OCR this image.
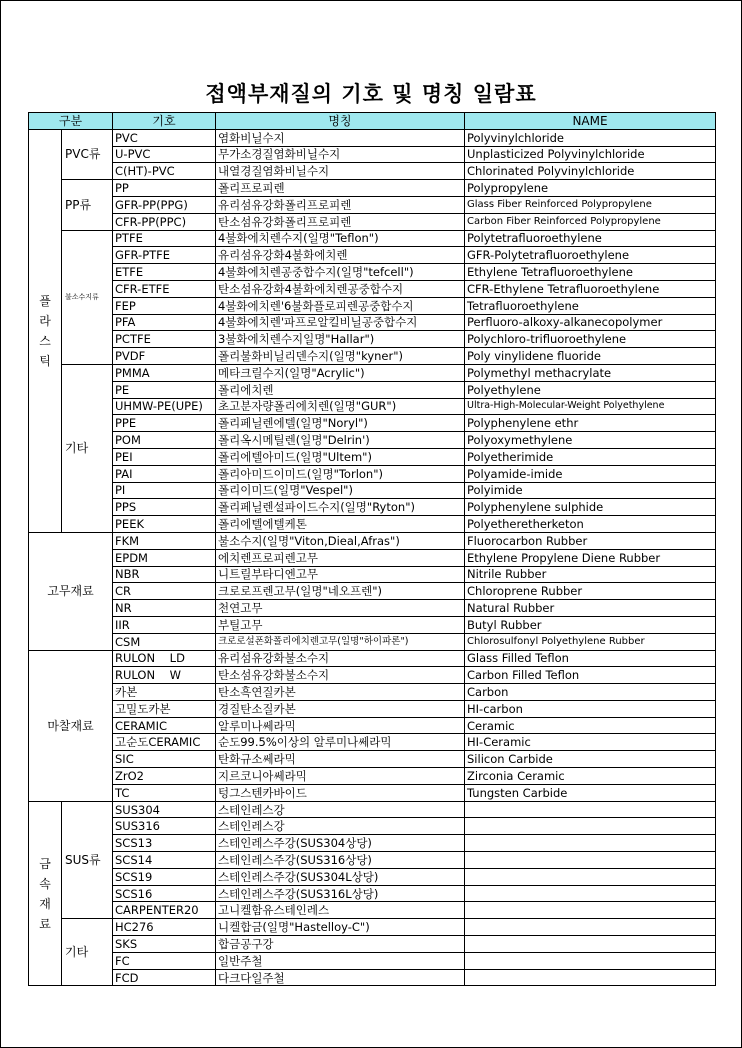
접액부재질의 기호 및 명칭 일람표
구분		기호	명칭	NAME
플
라
스
틱	PVC류	PVC	염화비닐수지	Polyvinylchloride
		U-PVC	무가소경질염화비닐수지	Unplasticized Polyvinylchloride
		C(HT)-PVC	내열경질염화비닐수지	Chlorinated Polyvinylchloride
	PP류	PP	폴리프로피렌	Polypropylene
		GFR-PP(PPG)	유리섬유강화폴리프로피렌	Glass Fiber Reinforced Polypropylene
		CFR-PP(PPC)	탄소섬유강화폴리프로피렌	Carbon Fiber Reinforced Polypropylene
	불소수지류	PTFE	4불화에치렌수지(일명"Teflon")	Polytetrafluoroethylene
		GFR-PTFE	유리섬유강화4불화에치렌	GFR-Polytetrafluoroethylene
		ETFE	4불화에치렌공중합수지(일명"tefcell")	Ethylene Tetrafluoroethylene
		CFR-ETFE	탄소섬유강화4불화에치렌공중합수지	CFR-Ethylene Tetrafluoroethylene
		FEP	4불화에치렌'6불화플로피렌공중합수지	Tetrafluoroethylene
		PFA	4불화에치렌'파프로알킬비닐공중합수지	Perfluoro-alkoxy-alkanecopolymer
		PCTFE	3불화에치렌수지일명"Hallar")	Polychloro-trifluoroethylene
		PVDF	폴리불화비닐리덴수지(일명"kyner")	Poly vinylidene fluoride
	기타	PMMA	메타크릴수지(일명"Acrylic")	Polymethyl methacrylate
		PE	폴리에치렌	Polyethylene
		UHMW-PE(UPE)	초고분자량폴리에치렌(일명"GUR")	Ultra-High-Molecular-Weight Polyethylene
		PPE	폴리페닐렌에텔(일명"Noryl")	Polyphenylene ethr
		POM	폴리옥시메틸렌(일명"Delrin')	Polyoxymethylene
		PEI	폴리에텔아미드(일명"Ultem")	Polyetherimide
		PAI	폴리아미드이미드(일명"Torlon")	Polyamide-imide
		PI	폴리이미드(일명"Vespel")	Polyimide
		PPS	폴리페닐렌설파이드수지(일명"Ryton")	Polyphenylene sulphide
		PEEK	폴리에텔에텔케톤	Polyetheretherketon
고무재료		FKM	불소수지(일명"Viton,Dieal,Afras")	Fluorocarbon Rubber
		EPDM	에치렌프로피렌고무	Ethylene Propylene Diene Rubber
		NBR	니트릴부타디엔고무	Nitrile Rubber
		CR	크로로프렌고무(일명"네오프렌")	Chloroprene Rubber
		NR	천연고무	Natural Rubber
		IIR	부틸고무	Butyl Rubber
		CSM	크로로설폰화폴리에치렌고무(일명"하이파론")	Chlorosulfonyl Polyethylene Rubber
마찰재료		RULON    LD	유리섬유강화불소수지	Glass Filled Teflon
		RULON    W	탄소섬유강화불소수지	Carbon Filled Teflon
		카본	탄소흑연질카본	Carbon
		고밀도카본	경질탄소질카본	HI-carbon
		CERAMIC	알루미나쎄라믹	Ceramic
		고순도CERAMIC	순도99.5%이상의 알루미나쎄라믹	HI-Ceramic
		SIC	탄화규소쎄라믹	Silicon Carbide
		ZrO2	지르코니아쎄라믹	Zirconia Ceramic
		TC	텅그스텐카바이드	Tungsten Carbide
금
속
재
료	SUS류	SUS304	스테인레스강	
		SUS316	스테인레스강	
		SCS13	스테인레스주강(SUS304상당)	
		SCS14	스테인레스주강(SUS316상당)	
		SCS19	스테인레스주강(SUS304L상당)	
		SCS16	스테인레스주강(SUS316L상당)	
		CARPENTER20	고니켈함유스테인레스	
	기타	HC276	니켈합금(일명"Hastelloy-C")	
		SKS	합금공구강	
		FC	일반주철	
		FCD	다크다일주철	
